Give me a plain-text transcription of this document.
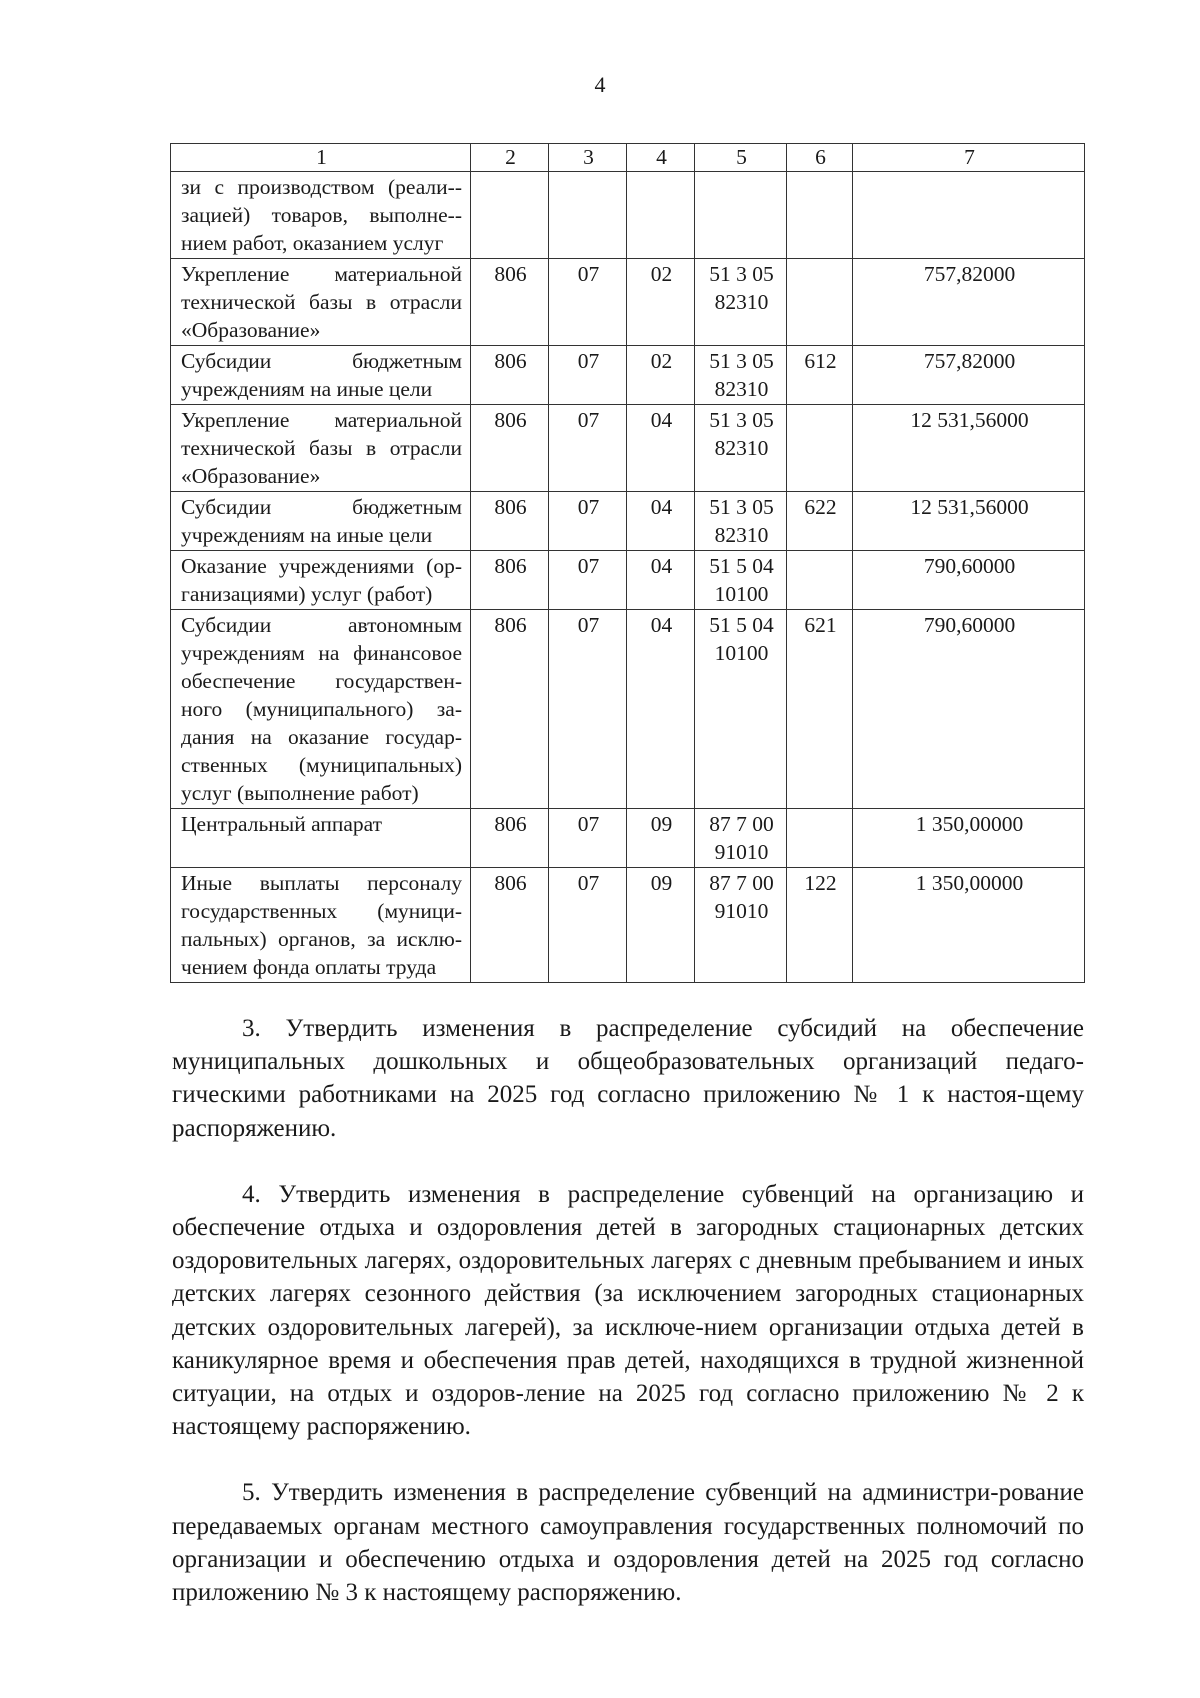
4
1	2	3	4	5	6	7
зи с производством (реали-зацией) товаров, выполне-нием работ, оказанием услуг						
Укрепление материальной технической базы в отрасли «Образование»	806	07	02	51 3 05 82310		757,82000
Субсидии бюджетным учреждениям на иные цели	806	07	02	51 3 05 82310	612	757,82000
Укрепление материальной технической базы в отрасли «Образование»	806	07	04	51 3 05 82310		12 531,56000
Субсидии бюджетным учреждениям на иные цели	806	07	04	51 3 05 82310	622	12 531,56000
Оказание учреждениями (ор-ганизациями) услуг (работ)	806	07	04	51 5 04 10100		790,60000
Субсидии автономным учреждениям на финансовое обеспечение государствен-ного (муниципального) за-дания на оказание государ-ственных (муниципальных) услуг (выполнение работ)	806	07	04	51 5 04 10100	621	790,60000
Центральный аппарат	806	07	09	87 7 00 91010		1 350,00000
Иные выплаты персоналу государственных (муници-пальных) органов, за исклю-чением фонда оплаты труда	806	07	09	87 7 00 91010	122	1 350,00000

3. Утвердить изменения в распределение субсидий на обеспечение муниципальных дошкольных и общеобразовательных организаций педаго-гическими работниками на 2025 год согласно приложению № 1 к настоя-щему распоряжению.

4. Утвердить изменения в распределение субвенций на организацию и обеспечение отдыха и оздоровления детей в загородных стационарных детских оздоровительных лагерях, оздоровительных лагерях с дневным пребыванием и иных детских лагерях сезонного действия (за исключением загородных стационарных детских оздоровительных лагерей), за исключе-нием организации отдыха детей в каникулярное время и обеспечения прав детей, находящихся в трудной жизненной ситуации, на отдых и оздоров-ление на 2025 год согласно приложению № 2 к настоящему распоряжению.

5. Утвердить изменения в распределение субвенций на администри-рование передаваемых органам местного самоуправления государственных полномочий по организации и обеспечению отдыха и оздоровления детей на 2025 год согласно приложению № 3 к настоящему распоряжению.
